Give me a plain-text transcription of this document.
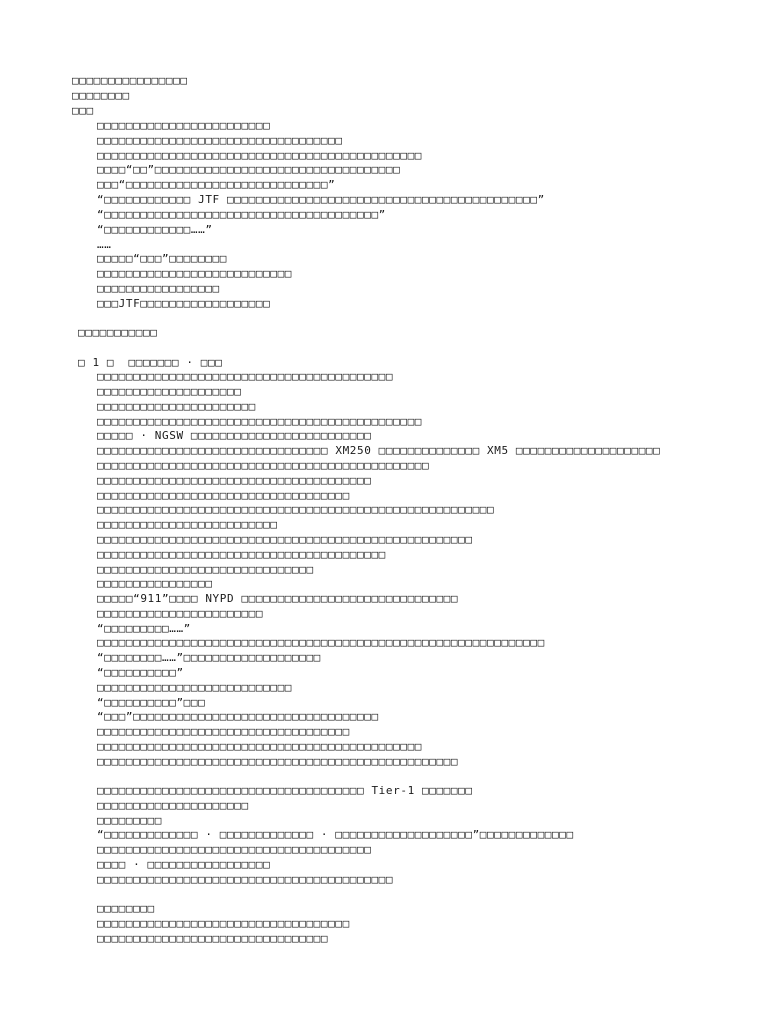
□□□□□□□□□□□□□□□□
□□□□□□□□
□□□
□□□□□□□□□□□□□□□□□□□□□□□□
□□□□□□□□□□□□□□□□□□□□□□□□□□□□□□□□□□
□□□□□□□□□□□□□□□□□□□□□□□□□□□□□□□□□□□□□□□□□□□□□
□□□□“□□”□□□□□□□□□□□□□□□□□□□□□□□□□□□□□□□□□□
□□□“□□□□□□□□□□□□□□□□□□□□□□□□□□□□”
“□□□□□□□□□□□□ JTF □□□□□□□□□□□□□□□□□□□□□□□□□□□□□□□□□□□□□□□□□□□”
“□□□□□□□□□□□□□□□□□□□□□□□□□□□□□□□□□□□□□□”
“□□□□□□□□□□□□……”
……
□□□□□“□□□”□□□□□□□□
□□□□□□□□□□□□□□□□□□□□□□□□□□□
□□□□□□□□□□□□□□□□□
□□□JTF□□□□□□□□□□□□□□□□□□
□□□□□□□□□□□
□ 1 □  □□□□□□□ · □□□
□□□□□□□□□□□□□□□□□□□□□□□□□□□□□□□□□□□□□□□□□
□□□□□□□□□□□□□□□□□□□□
□□□□□□□□□□□□□□□□□□□□□□
□□□□□□□□□□□□□□□□□□□□□□□□□□□□□□□□□□□□□□□□□□□□□
□□□□□ · NGSW □□□□□□□□□□□□□□□□□□□□□□□□□
□□□□□□□□□□□□□□□□□□□□□□□□□□□□□□□□ XM250 □□□□□□□□□□□□□□ XM5 □□□□□□□□□□□□□□□□□□□□
□□□□□□□□□□□□□□□□□□□□□□□□□□□□□□□□□□□□□□□□□□□□□□
□□□□□□□□□□□□□□□□□□□□□□□□□□□□□□□□□□□□□□
□□□□□□□□□□□□□□□□□□□□□□□□□□□□□□□□□□□
□□□□□□□□□□□□□□□□□□□□□□□□□□□□□□□□□□□□□□□□□□□□□□□□□□□□□□□
□□□□□□□□□□□□□□□□□□□□□□□□□
□□□□□□□□□□□□□□□□□□□□□□□□□□□□□□□□□□□□□□□□□□□□□□□□□□□□
□□□□□□□□□□□□□□□□□□□□□□□□□□□□□□□□□□□□□□□□
□□□□□□□□□□□□□□□□□□□□□□□□□□□□□□
□□□□□□□□□□□□□□□□
□□□□□“911”□□□□ NYPD □□□□□□□□□□□□□□□□□□□□□□□□□□□□□□
□□□□□□□□□□□□□□□□□□□□□□□
“□□□□□□□□□……”
□□□□□□□□□□□□□□□□□□□□□□□□□□□□□□□□□□□□□□□□□□□□□□□□□□□□□□□□□□□□□□
“□□□□□□□□……”□□□□□□□□□□□□□□□□□□□
“□□□□□□□□□□”
□□□□□□□□□□□□□□□□□□□□□□□□□□□
“□□□□□□□□□□”□□□
“□□□”□□□□□□□□□□□□□□□□□□□□□□□□□□□□□□□□□□
□□□□□□□□□□□□□□□□□□□□□□□□□□□□□□□□□□□
□□□□□□□□□□□□□□□□□□□□□□□□□□□□□□□□□□□□□□□□□□□□□
□□□□□□□□□□□□□□□□□□□□□□□□□□□□□□□□□□□□□□□□□□□□□□□□□□
□□□□□□□□□□□□□□□□□□□□□□□□□□□□□□□□□□□□□ Tier-1 □□□□□□□
□□□□□□□□□□□□□□□□□□□□□
□□□□□□□□□
“□□□□□□□□□□□□□ · □□□□□□□□□□□□□ · □□□□□□□□□□□□□□□□□□□”□□□□□□□□□□□□□
□□□□□□□□□□□□□□□□□□□□□□□□□□□□□□□□□□□□□□
□□□□ · □□□□□□□□□□□□□□□□□
□□□□□□□□□□□□□□□□□□□□□□□□□□□□□□□□□□□□□□□□□
□□□□□□□□
□□□□□□□□□□□□□□□□□□□□□□□□□□□□□□□□□□□
□□□□□□□□□□□□□□□□□□□□□□□□□□□□□□□□
